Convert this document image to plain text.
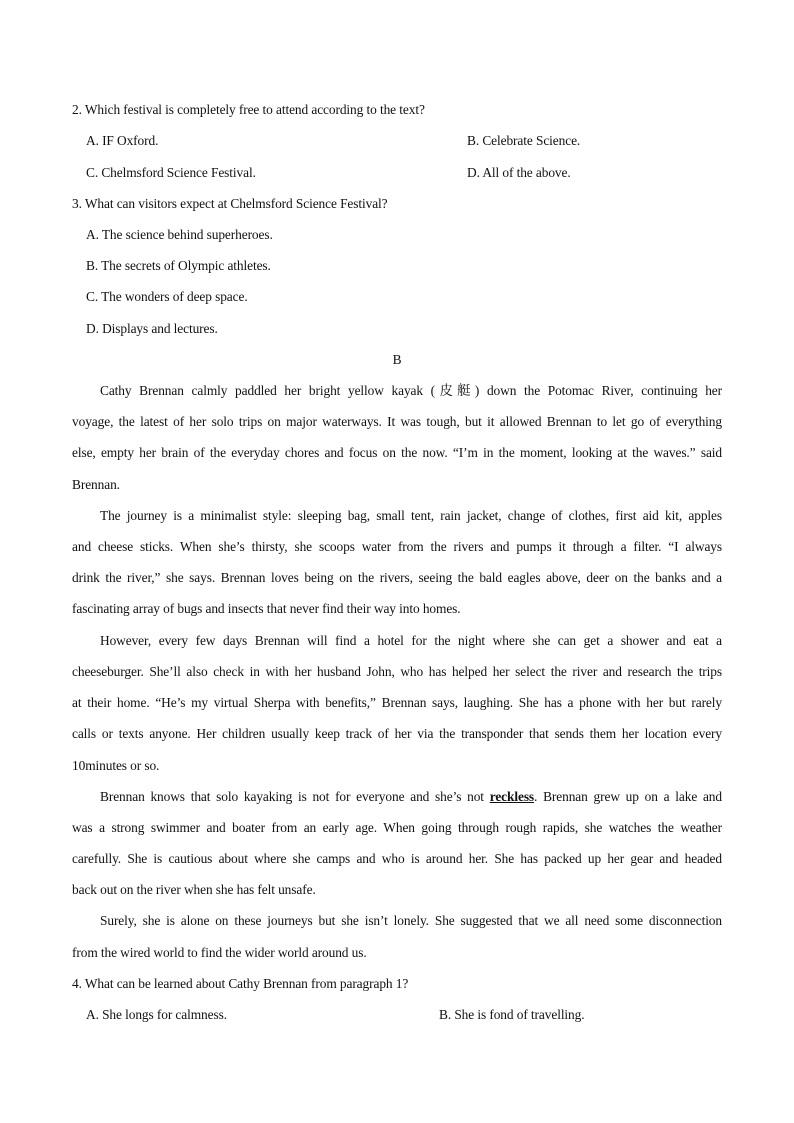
2. Which festival is completely free to attend according to the text?
A. IF Oxford.	B. Celebrate Science.
C. Chelmsford Science Festival.	D. All of the above.
3. What can visitors expect at Chelmsford Science Festival?
A. The science behind superheroes.
B. The secrets of Olympic athletes.
C. The wonders of deep space.
D. Displays and lectures.
B
Cathy Brennan calmly paddled her bright yellow kayak (皮艇) down the Potomac River, continuing her
voyage, the latest of her solo trips on major waterways. It was tough, but it allowed Brennan to let go of everything
else, empty her brain of the everyday chores and focus on the now. “I’m in the moment, looking at the waves.” said
Brennan.
The journey is a minimalist style: sleeping bag, small tent, rain jacket, change of clothes, first aid kit, apples
and cheese sticks. When she’s thirsty, she scoops water from the rivers and pumps it through a filter. “I always
drink the river,” she says. Brennan loves being on the rivers, seeing the bald eagles above, deer on the banks and a
fascinating array of bugs and insects that never find their way into homes.
However, every few days Brennan will find a hotel for the night where she can get a shower and eat a
cheeseburger. She’ll also check in with her husband John, who has helped her select the river and research the trips
at their home. “He’s my virtual Sherpa with benefits,” Brennan says, laughing. She has a phone with her but rarely
calls or texts anyone. Her children usually keep track of her via the transponder that sends them her location every
10minutes or so.
Brennan knows that solo kayaking is not for everyone and she’s not reckless. Brennan grew up on a lake and
was a strong swimmer and boater from an early age. When going through rough rapids, she watches the weather
carefully. She is cautious about where she camps and who is around her. She has packed up her gear and headed
back out on the river when she has felt unsafe.
Surely, she is alone on these journeys but she isn’t lonely. She suggested that we all need some disconnection
from the wired world to find the wider world around us.
4. What can be learned about Cathy Brennan from paragraph 1?
A. She longs for calmness.	B. She is fond of travelling.
